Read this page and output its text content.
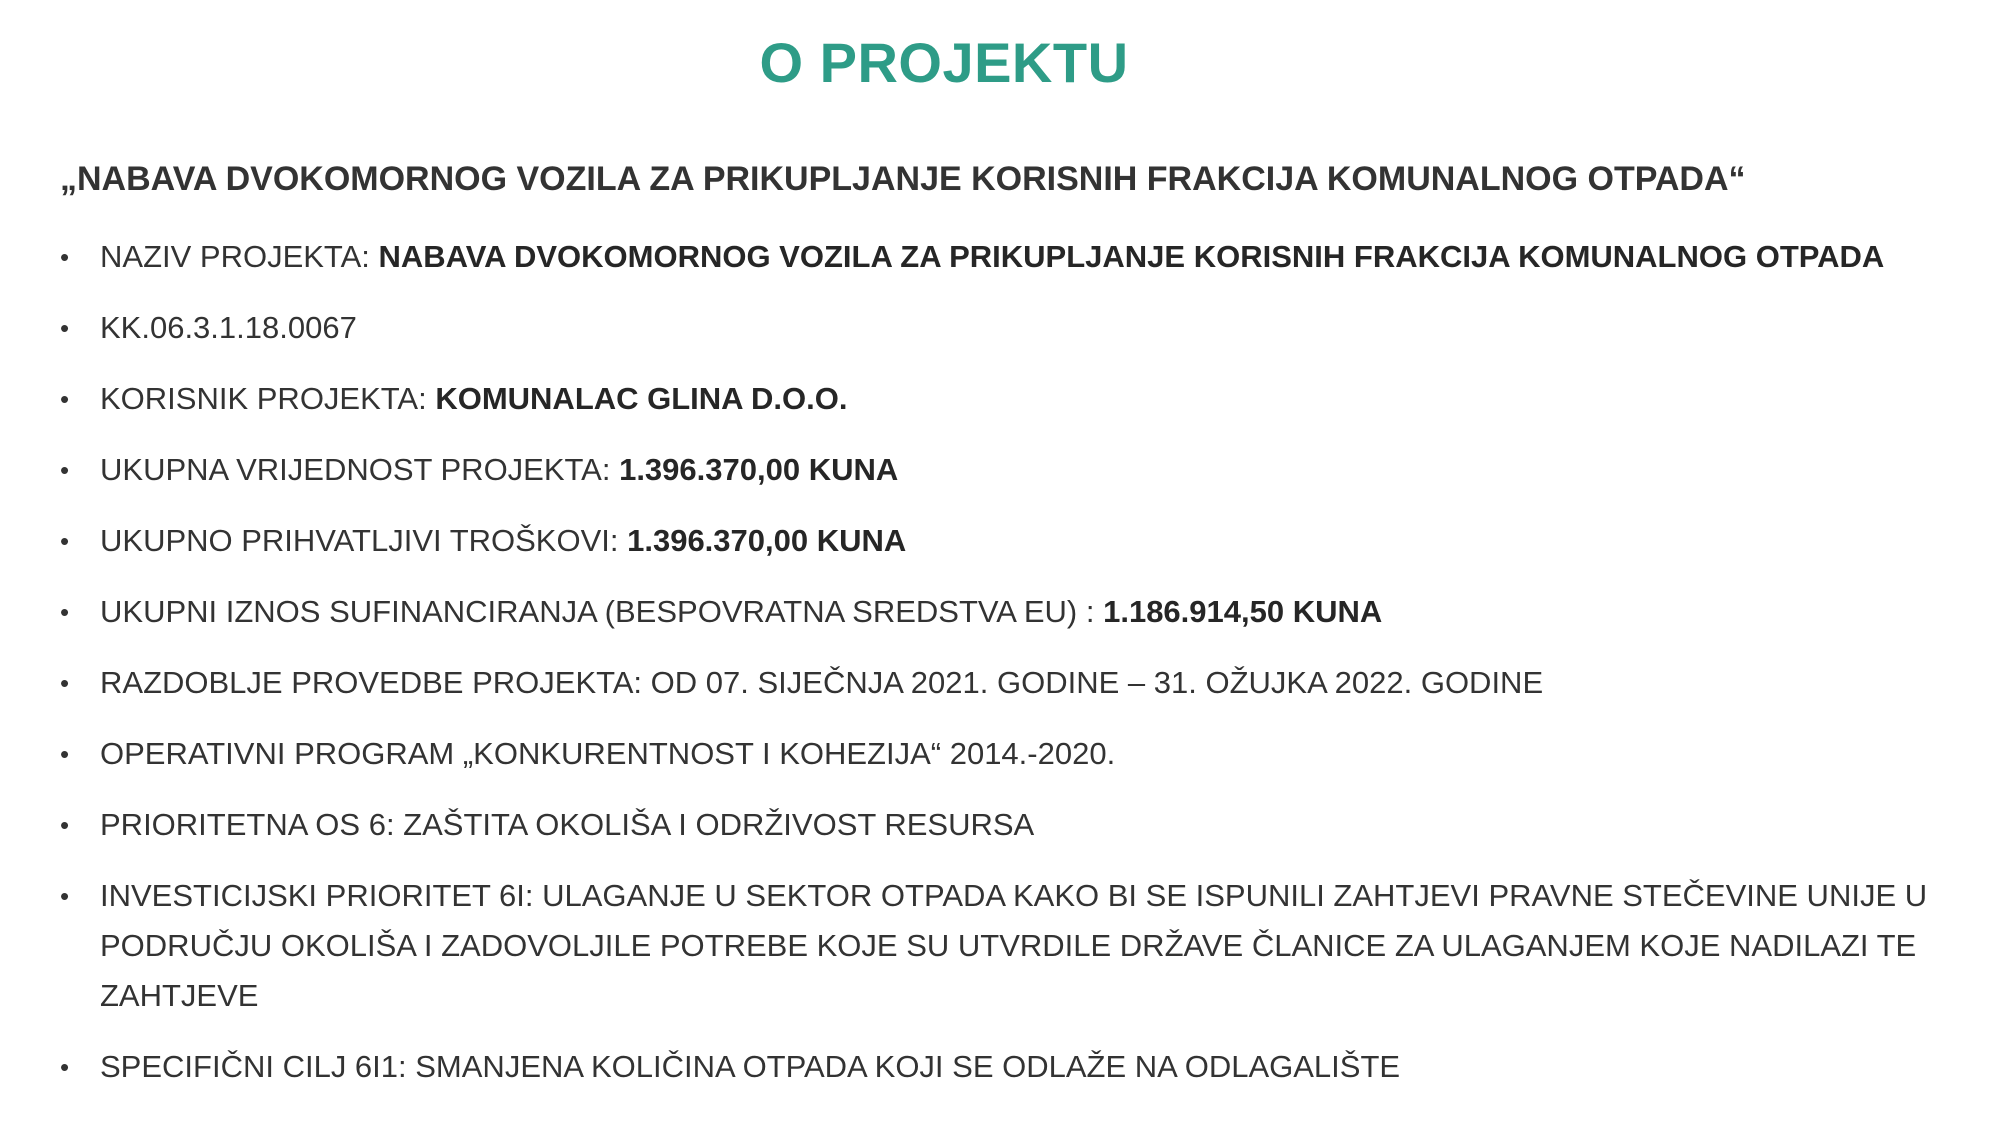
O PROJEKTU
„NABAVA DVOKOMORNOG VOZILA ZA PRIKUPLJANJE KORISNIH FRAKCIJA KOMUNALNOG OTPADA“
• NAZIV PROJEKTA: NABAVA DVOKOMORNOG VOZILA ZA PRIKUPLJANJE KORISNIH FRAKCIJA KOMUNALNOG OTPADA
• KK.06.3.1.18.0067
• KORISNIK PROJEKTA: KOMUNALAC GLINA D.O.O.
• UKUPNA VRIJEDNOST PROJEKTA: 1.396.370,00 KUNA
• UKUPNO PRIHVATLJIVI TROŠKOVI: 1.396.370,00 KUNA
• UKUPNI IZNOS SUFINANCIRANJA (BESPOVRATNA SREDSTVA EU) : 1.186.914,50 KUNA
• RAZDOBLJE PROVEDBE PROJEKTA: OD 07. SIJEČNJA 2021. GODINE – 31. OŽUJKA 2022. GODINE
• OPERATIVNI PROGRAM „KONKURENTNOST I KOHEZIJA“ 2014.-2020.
• PRIORITETNA OS 6: ZAŠTITA OKOLIŠA I ODRŽIVOST RESURSA
• INVESTICIJSKI PRIORITET 6I: ULAGANJE U SEKTOR OTPADA KAKO BI SE ISPUNILI ZAHTJEVI PRAVNE STEČEVINE UNIJE U PODRUČJU OKOLIŠA I ZADOVOLJILE POTREBE KOJE SU UTVRDILE DRŽAVE ČLANICE ZA ULAGANJEM KOJE NADILAZI TE ZAHTJEVE
• SPECIFIČNI CILJ 6I1: SMANJENA KOLIČINA OTPADA KOJI SE ODLAŽE NA ODLAGALIŠTE
